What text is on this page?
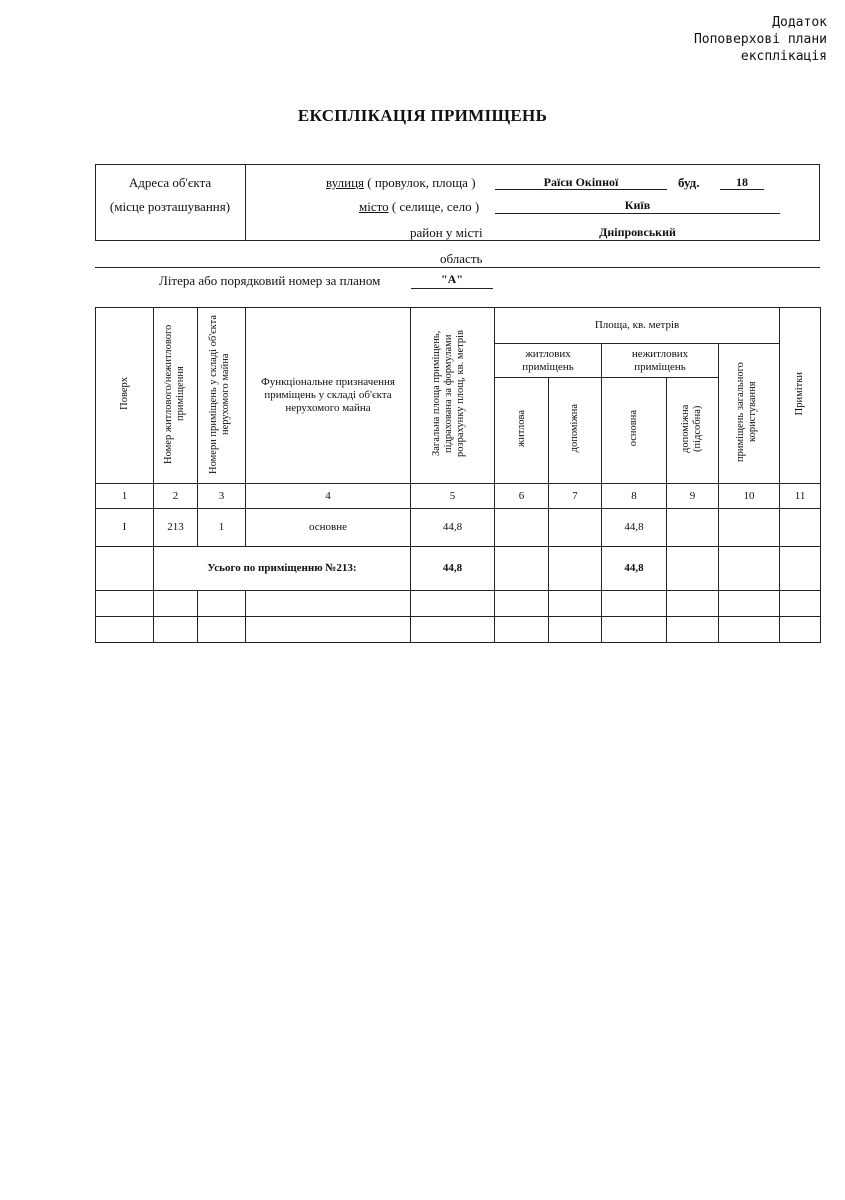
Додаток
Поповерхові плани
експлікація
ЕКСПЛІКАЦІЯ ПРИМІЩЕНЬ
Адреса об'єкта
(місце розташування)
вулиця ( провулок, площа )	Раїси Окіпної	буд.	18
місто ( селище, село )	Київ
район у місті	Дніпровський
область
Літера або порядковий номер за планом	"А"
Поверх	Номер житлового/нежитлового приміщення	Номери приміщень у складі об'єкта нерухомого майна	Функціональне призначення приміщень у складі об'єкта нерухомого майна	Загальна площа приміщень, підрахована за формулами розрахунку площ, кв. метрів	Площа, кв. метрів					Примітки
					житлових приміщень		нежитлових приміщень		приміщень загального користування	
					житлова	допоміжна	основна	допоміжна (підсобна)		
1	2	3	4	5	6	7	8	9	10	11
I	213	1	основне	44,8			44,8			
	Усього по приміщенню №213:			44,8			44,8			
